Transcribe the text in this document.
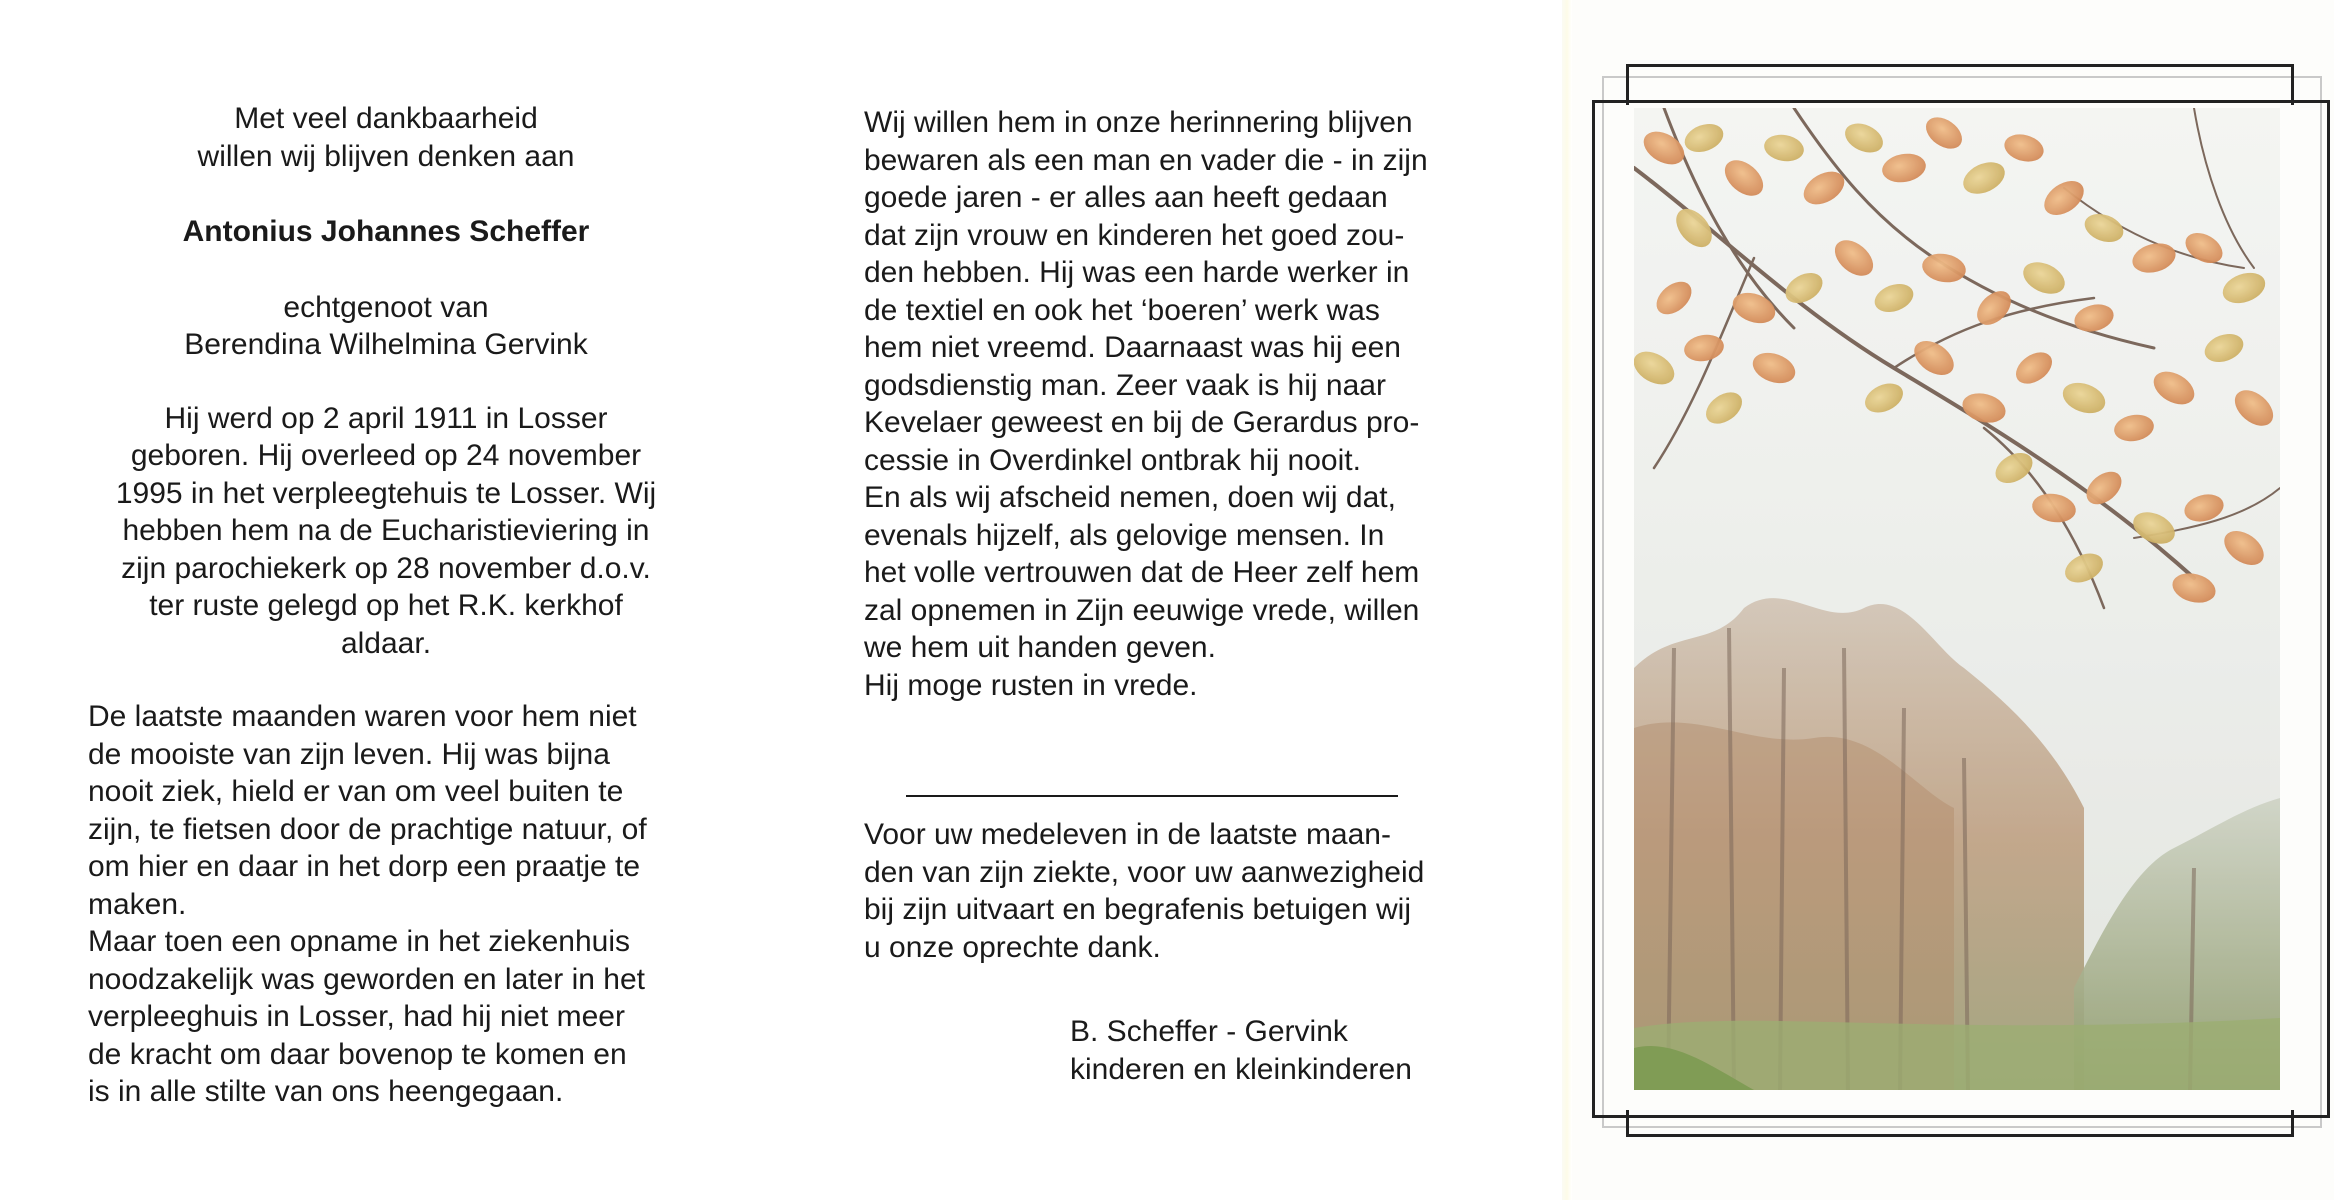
Met veel dankbaarheid
willen wij blijven denken aan
Antonius Johannes Scheffer
echtgenoot van
Berendina Wilhelmina Gervink
Hij werd op 2 april 1911 in Losser
geboren. Hij overleed op 24 november
1995 in het verpleegtehuis te Losser. Wij
hebben hem na de Eucharistieviering in
zijn parochiekerk op 28 november d.o.v.
ter ruste gelegd op het R.K. kerkhof
aldaar.
De laatste maanden waren voor hem niet
de mooiste van zijn leven. Hij was bijna
nooit ziek, hield er van om veel buiten te
zijn, te fietsen door de prachtige natuur, of
om hier en daar in het dorp een praatje te
maken.
Maar toen een opname in het ziekenhuis
noodzakelijk was geworden en later in het
verpleeghuis in Losser, had hij niet meer
de kracht om daar bovenop te komen en
is in alle stilte van ons heengegaan.
Wij willen hem in onze herinnering blijven
bewaren als een man en vader die - in zijn
goede jaren - er alles aan heeft gedaan
dat zijn vrouw en kinderen het goed zou-
den hebben. Hij was een harde werker in
de textiel en ook het ‘boeren’ werk was
hem niet vreemd. Daarnaast was hij een
godsdienstig man. Zeer vaak is hij naar
Kevelaer geweest en bij de Gerardus pro-
cessie in Overdinkel ontbrak hij nooit.
En als wij afscheid nemen, doen wij dat,
evenals hijzelf, als gelovige mensen. In
het volle vertrouwen dat de Heer zelf hem
zal opnemen in Zijn eeuwige vrede, willen
we hem uit handen geven.
Hij moge rusten in vrede.
Voor uw medeleven in de laatste maan-
den van zijn ziekte, voor uw aanwezigheid
bij zijn uitvaart en begrafenis betuigen wij
u onze oprechte dank.
B. Scheffer - Gervink
kinderen en kleinkinderen
